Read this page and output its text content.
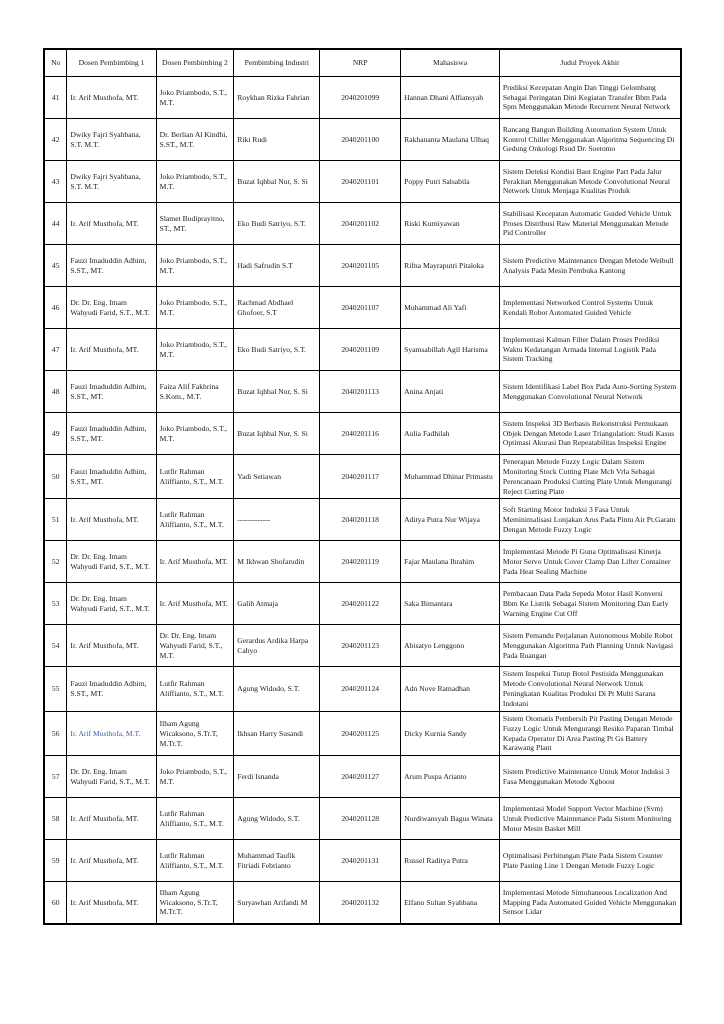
No	Dosen Pembimbing 1	Dosen Pembimbing 2	Pembimbing Industri	NRP	Mahasiswa	Judul Proyek Akhir
41	Ir. Arif Musthofa, MT.	Joko Priambodo, S.T., M.T.	Roykhan Rizka Fahrian	2040201099	Hannan Dhani Alfiansyah	Prediksi Kecepatan Angin Dan Tinggi Gelombang Sebagai Peringatan Dini Kegiatan Transfer Bbm Pada Spm Menggunakan Metode Recurrent Neural Network
42	Dwiky Fajri Syahbana, S.T. M.T.	Dr. Berlian Al Kindhi, S.ST., M.T.	Riki Rudi	2040201100	Rakhananta Maulana Ulhaq	Rancang Bangun Building Automation System Untuk Kontrol Chiller Menggunakan Algoritma Sequencing Di Gedung Onkologi Rsud Dr. Soetomo
43	Dwiky Fajri Syahbana, S.T. M.T.	Joko Priambodo, S.T., M.T.	Buzat Iqhbal Nur, S. Si	2040201101	Poppy Putri Salsabila	Sistem Deteksi Kondisi Baut Engine Part Pada Jalur Perakitan Menggunakan Metode Convolutional Neural Network Untuk Menjaga Kualitas Produk
44	Ir. Arif Musthofa, MT.	Slamet Budiprayitno, ST., MT.	Eko Budi Satriyo, S.T.	2040201102	Riski Kurniyawan	Stabilisasi Kecepatan Automatic Guided Vehicle Untuk Proses Distribusi Raw Material Menggunakan Metode Pid Controller
45	Fauzi Imaduddin Adhim, S.ST., MT.	Joko Priambodo, S.T., M.T.	Hadi Safrudin S.T	2040201105	Rifna Mayraputri Pitaloka	Sistem Predictive Maintenance Dengan Metode Weibull Analysis Pada Mesin Pembuka Kantong
46	Dr. Dr. Eng. Imam Wahyudi Farid, S.T., M.T.	Joko Priambodo, S.T., M.T.	Rachmad Abdhael Ghofoer, S.T	2040201107	Muhammad Ali Yafi	Implementasi Networked Control Systems Untuk Kendali Robot Automated Guided Vehicle
47	Ir. Arif Musthofa, MT.	Joko Priambodo, S.T., M.T.	Eko Budi Satriyo, S.T.	2040201109	Syamsabillah Agil Harisma	Implementasi Kalman Filter Dalam Proses Prediksi Waktu Kedatangan Armada Internal Logistik Pada Sistem Tracking
48	Fauzi Imaduddin Adhim, S.ST., MT.	Faiza Alif Fakhrina S.Kom., M.T.	Buzat Iqhbal Nur, S. Si	2040201113	Anina Anjati	Sistem Identifikasi Label Box Pada Auto-Sorting System Menggunakan Convolutional Neural Network
49	Fauzi Imaduddin Adhim, S.ST., MT.	Joko Priambodo, S.T., M.T.	Buzat Iqhbal Nur, S. Si	2040201116	Aulia Fadhilah	Sistem Inspeksi 3D Berbasis Rekonstruksi Permukaan Objek Dengan Metode Laser Triangulation: Studi Kasus Optimasi Akurasi Dan Repeatabilitas Inspeksi Engine
50	Fauzi Imaduddin Adhim, S.ST., MT.	Lutfir Rahman Aliffianto, S.T., M.T.	Yadi Setiawan	2040201117	Muhammad Dhinar Primastu	Penerapan Metode Fuzzy Logic Dalam Sistem Monitoring Stock Cutting Plate Mcb Vrla Sebagai Perencanaan Produksi Cutting Plate Untuk Mengurangi Reject Cutting Plate
51	Ir. Arif Musthofa, MT.	Lutfir Rahman Aliffianto, S.T., M.T.	-------------	2040201118	Aditya Putra Nur Wijaya	Soft Starting Motor Induksi 3 Fasa Untuk Meminimalisasi Lonjakan Arus Pada Pintu Air Pt.Garam Dengan Metode Fuzzy Logic
52	Dr. Dr. Eng. Imam Wahyudi Farid, S.T., M.T.	Ir. Arif Musthofa, MT.	M Ikhwan Shofarudin	2040201119	Fajar Maulana Ibrahim	Implementasi Metode Pi Guna Optimalisasi Kinerja Motor Servo Untuk Cover Clamp Dan Lifter Container Pada Heat Sealing Machine
53	Dr. Dr. Eng. Imam Wahyudi Farid, S.T., M.T.	Ir. Arif Musthofa, MT.	Galih Atmaja	2040201122	Saka Bimantara	Pembacaan Data Pada Sepeda Motor Hasil Konversi Bbm Ke Listrik Sebagai Sistem Monitoring Dan Early Warning Engine Cut Off
54	Ir. Arif Musthofa, MT.	Dr. Dr. Eng. Imam Wahyudi Farid, S.T., M.T.	Gerardus Ardika Harpa Cahyo	2040201123	Abisatyo Lenggono	Sistem Pemandu Perjalanan Autonomous Mobile Robot Menggunakan Algoritma Path Planning Untuk Navigasi Pada Ruangan
55	Fauzi Imaduddin Adhim, S.ST., MT.	Lutfir Rahman Aliffianto, S.T., M.T.	Agung Widodo, S.T.	2040201124	Adn Nove Ramadhan	Sistem Inspeksi Tutup Botol Pestisida Menggunakan Metode Convolutional Neural Network Untuk Peningkatan Kualitas Produksi Di Pt Multi Sarana Indotani
56	Ir. Arif Musthofa, M.T.	Ilham Agung Wicaksono, S.Tr.T, M.Tr.T.	Ikhsan Harry Susandi	2040201125	Dicky Kurnia Sandy	Sistem Otomatis Pembersih Pit Pasting Dengan Metode Fuzzy Logic Untuk Mengurangi Resiko Paparan Timbal Kepada Operator Di Area Pasting Pt Gs Battery Karawang Plant
57	Dr. Dr. Eng. Imam Wahyudi Farid, S.T., M.T.	Joko Priambodo, S.T., M.T.	Ferdi Isnanda	2040201127	Arum Puspa Arianto	Sistem Predictive Maintenance Untuk Motor Induksi 3 Fasa Menggunakan Metode Xgboost
58	Ir. Arif Musthofa, MT.	Lutfir Rahman Aliffianto, S.T., M.T.	Agung Widodo, S.T.	2040201128	Nurdiwansyah Bagus Winata	Implementasi Model Support Vector Machine (Svm) Untuk Predictive Maintenance Pada Sistem Monitoring Motor Mesin Basket Mill
59	Ir. Arif Musthofa, MT.	Lutfir Rahman Aliffianto, S.T., M.T.	Muhammad Taufik Fitriadi Febrianto	2040201131	Russel Raditya Putra	Optimalisasi Perhitungan Plate Pada Sistem Counter Plate Pasting Line 1 Dengan Metode Fuzzy Logic
60	Ir. Arif Musthofa, MT.	Ilham Agung Wicaksono, S.Tr.T, M.Tr.T.	Suryawhan Arifandi M	2040201132	Elfano Sultan Syahbana	Implementasi Metode Simultaneous Localization And Mapping Pada Automated Guided Vehicle Menggunakan Sensor Lidar
